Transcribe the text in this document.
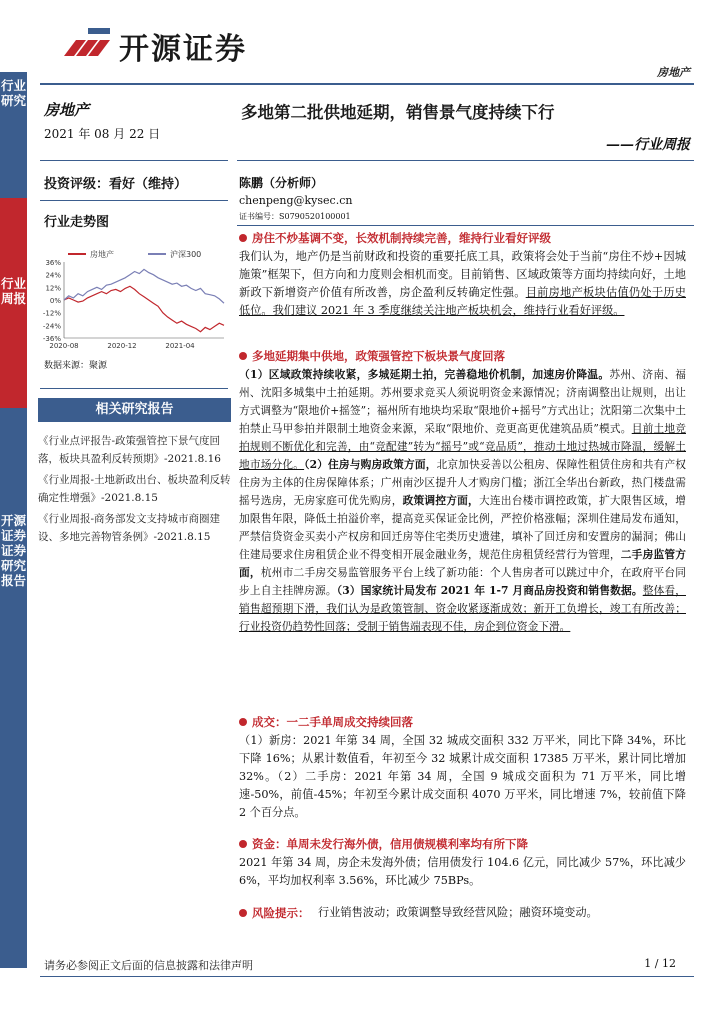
行业研究
行业周报
开源证券 证券研究报告
开源证券
房地产
房地产
2021 年 08 月 22 日
投资评级：看好（维持）
行业走势图
房地产	沪深300
36%
24%
12%
0%
-12%
-24%
-36%
2020-08	2020-12	2021-04
数据来源：聚源
相关研究报告
《行业点评报告-政策强管控下景气度回落，板块具盈利反转预期》-2021.8.16
《行业周报-土地新政出台、板块盈利反转确定性增强》-2021.8.15
《行业周报-商务部发文支持城市商圈建设、多地完善物管条例》-2021.8.15
多地第二批供地延期，销售景气度持续下行
——行业周报
陈鹏（分析师）
chenpeng@kysec.cn
证书编号：S0790520100001
房住不炒基调不变，长效机制持续完善，维持行业看好评级
我们认为，地产仍是当前财政和投资的重要托底工具，政策将会处于当前“房住不炒+因城施策”框架下，但方向和力度则会相机而变。目前销售、区域政策等方面均持续向好，土地新政下新增资产价值有所改善，房企盈利反转确定性强。目前房地产板块估值仍处于历史低位。我们建议 2021 年 3 季度继续关注地产板块机会，维持行业看好评级。
多地延期集中供地，政策强管控下板块景气度回落
（1）区域政策持续收紧，多城延期土拍，完善稳地价机制，加速房价降温。苏州、济南、福州、沈阳多城集中土拍延期。苏州要求竞买人须说明资金来源情况；济南调整出让规则，出让方式调整为“限地价+摇签”；福州所有地块均采取“限地价+摇号”方式出让；沈阳第二次集中土拍禁止马甲参拍并限制土地资金来源，采取“限地价、竞更高更优建筑品质”模式。目前土地竞拍规则不断优化和完善，由“竞配建”转为“摇号”或“竞品质”，推动土地过热城市降温，缓解土地市场分化。（2）住房与购房政策方面，北京加快妥善以公租房、保障性租赁住房和共有产权住房为主体的住房保障体系；广州南沙区提升人才购房门槛；浙江全华出台新政，热门楼盘需摇号选房，无房家庭可优先购房，政策调控方面，大连出台楼市调控政策，扩大限售区域，增加限售年限，降低土拍溢价率，提高竞买保证金比例，严控价格涨幅；深圳住建局发布通知，严禁信贷资金买卖小产权房和回迁房等住宅类历史遗建，填补了回迁房和安置房的漏洞；佛山住建局要求住房租赁企业不得变相开展金融业务，规范住房租赁经营行为管理，二手房监管方面，杭州市二手房交易监管服务平台上线了新功能：个人售房者可以跳过中介，在政府平台同步上自主挂牌房源。（3）国家统计局发布 2021 年 1-7 月商品房投资和销售数据。整体看，销售超预期下滑，我们认为是政策管制、资金收紧逐渐成效；新开工负增长，竣工有所改善；行业投资仍趋势性回落；受制于销售端表现不佳，房企到位资金下滑。
成交：一二手单周成交持续回落
（1）新房：2021 年第 34 周，全国 32 城成交面积 332 万平米，同比下降 34%，环比下降 16%；从累计数值看，年初至今 32 城累计成交面积 17385 万平米，累计同比增加 32%。（2）二手房：2021 年第 34 周，全国 9 城成交面积为 71 万平米，同比增速-50%，前值-45%；年初至今累计成交面积 4070 万平米，同比增速 7%，较前值下降 2 个百分点。
资金：单周未发行海外债，信用债规模利率均有所下降
2021 年第 34 周，房企未发海外债；信用债发行 104.6 亿元，同比减少 57%，环比减少 6%，平均加权利率 3.56%，环比减少 75BPs。
风险提示： 行业销售波动；政策调整导致经营风险；融资环境变动。
请务必参阅正文后面的信息披露和法律声明	1 / 12
